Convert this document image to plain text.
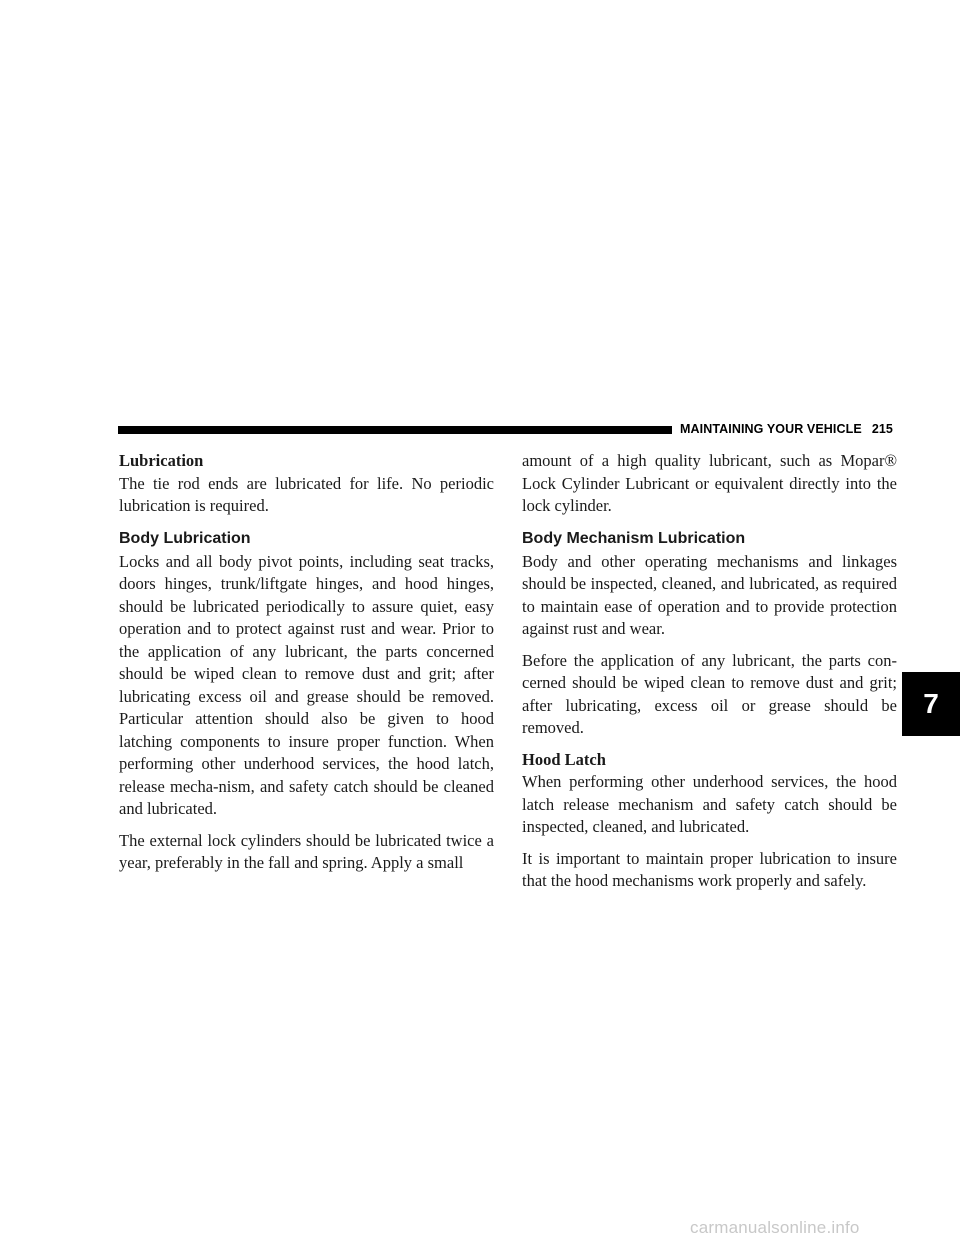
MAINTAINING YOUR VEHICLE 215
Lubrication

The tie rod ends are lubricated for life. No periodic lubrication is required.

Body Lubrication

Locks and all body pivot points, including seat tracks, doors hinges, trunk/liftgate hinges, and hood hinges, should be lubricated periodically to assure quiet, easy operation and to protect against rust and wear. Prior to the application of any lubricant, the parts concerned should be wiped clean to remove dust and grit; after lubricating excess oil and grease should be removed. Particular attention should also be given to hood latching components to insure proper function. When performing other underhood services, the hood latch, release mecha-nism, and safety catch should be cleaned and lubricated.

The external lock cylinders should be lubricated twice a year, preferably in the fall and spring. Apply a small

amount of a high quality lubricant, such as Mopar® Lock Cylinder Lubricant or equivalent directly into the lock cylinder.

Body Mechanism Lubrication

Body and other operating mechanisms and linkages should be inspected, cleaned, and lubricated, as required to maintain ease of operation and to provide protection against rust and wear.

Before the application of any lubricant, the parts con-cerned should be wiped clean to remove dust and grit; after lubricating, excess oil or grease should be removed.

Hood Latch

When performing other underhood services, the hood latch release mechanism and safety catch should be inspected, cleaned, and lubricated.

It is important to maintain proper lubrication to insure that the hood mechanisms work properly and safely.

7
carmanualsonline.info
